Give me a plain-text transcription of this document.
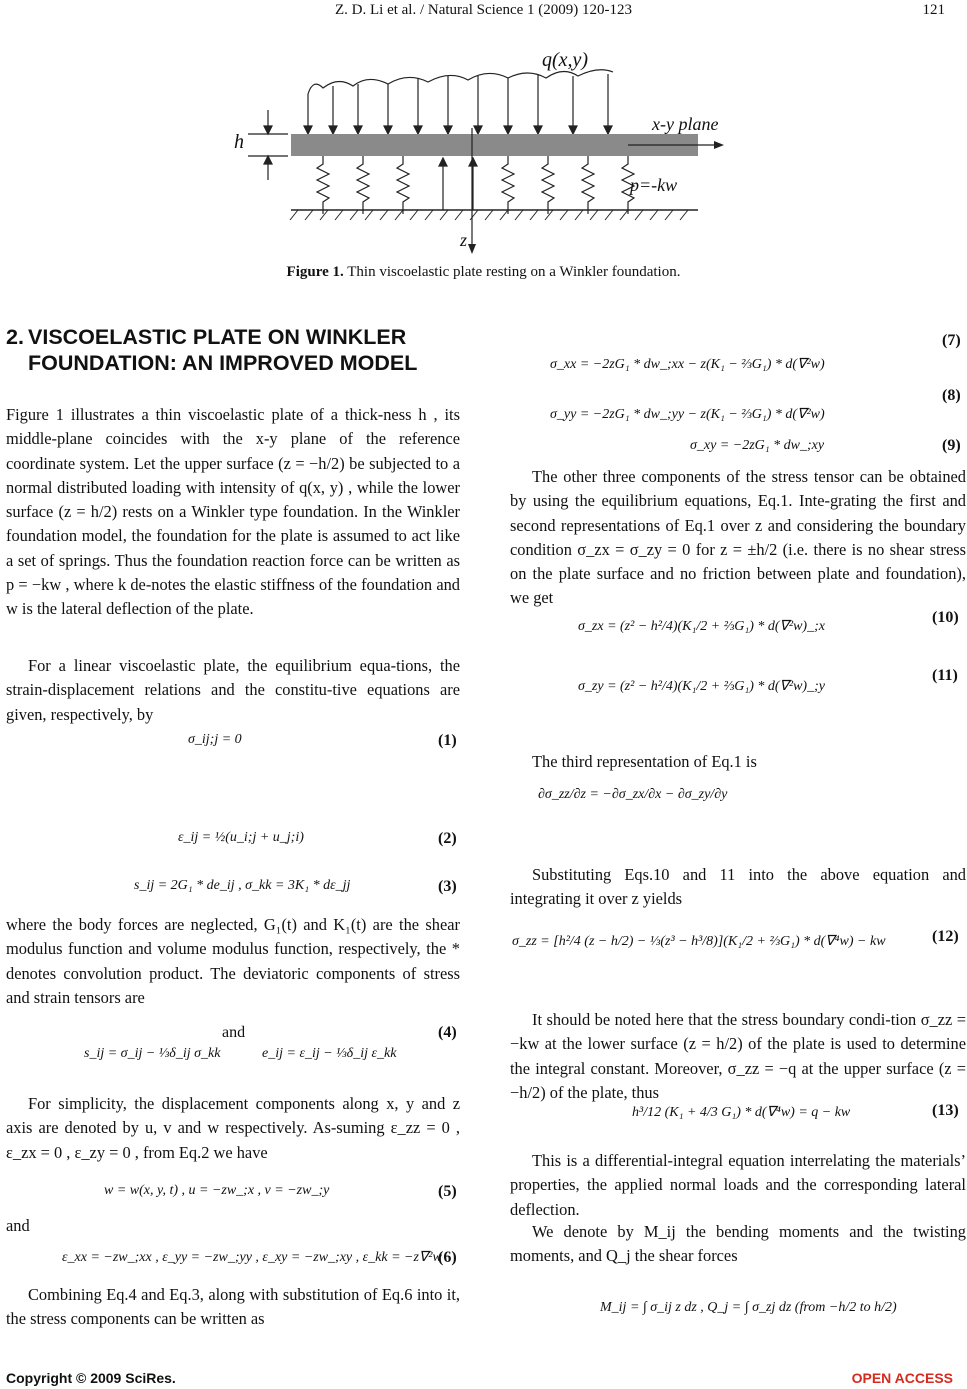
Z. D. Li et al. / Natural Science 1 (2009) 120-123	121
q(x,y)
x-y plane
h
p=-kw
z
Figure 1. Thin viscoelastic plate resting on a Winkler foundation.
2. VISCOELASTIC PLATE ON WINKLER FOUNDATION: AN IMPROVED MODEL

Figure 1 illustrates a thin viscoelastic plate of a thick-ness h , its middle-plane coincides with the x-y plane of the reference coordinate system. Let the upper surface (z = −h/2) be subjected to a normal distributed loading with intensity of q(x, y) , while the lower surface (z = h/2) rests on a Winkler type foundation. In the Winkler foundation model, the foundation for the plate is assumed to act like a set of springs. Thus the foundation reaction force can be written as p = −kw , where k de-notes the elastic stiffness of the foundation and w is the lateral deflection of the plate.

For a linear viscoelastic plate, the equilibrium equa-tions, the strain-displacement relations and the constitu-tive equations are given, respectively, by

σ_ij;j = 0	(1)
ε_ij = ½(u_i;j + u_j;i)	(2)
s_ij = 2G₁ * de_ij , σ_kk = 3K₁ * dε_jj	(3)

where the body forces are neglected, G₁(t) and K₁(t) are the shear modulus function and volume modulus function, respectively, the * denotes convolution product. The deviatoric components of stress and strain tensors are

s_ij = σ_ij − ⅓δ_ij σ_kk
and
e_ij = ε_ij − ⅓δ_ij ε_kk
(4)

For simplicity, the displacement components along x, y and z axis are denoted by u, v and w respectively. As-suming ε_zz = 0 , ε_zx = 0 , ε_zy = 0 , from Eq.2 we have

w = w(x, y, t) , u = −zw_;x , v = −zw_;y	(5)

and

ε_xx = −zw_;xx , ε_yy = −zw_;yy , ε_xy = −zw_;xy , ε_kk = −z∇²w
(6)

Combining Eq.4 and Eq.3, along with substitution of Eq.6 into it, the stress components can be written as

σ_xx = −2zG₁ * dw_;xx − z(K₁ − ⅔G₁) * d(∇²w)
(7)
σ_yy = −2zG₁ * dw_;yy − z(K₁ − ⅔G₁) * d(∇²w)
(8)
σ_xy = −2zG₁ * dw_;xy	(9)

The other three components of the stress tensor can be obtained by using the equilibrium equations, Eq.1. Inte-grating the first and second representations of Eq.1 over z and considering the boundary condition σ_zx = σ_zy = 0 for z = ±h/2 (i.e. there is no shear stress on the plate surface and no friction between plate and foundation), we get

σ_zx = (z² − h²/4)(K₁/2 + ⅔G₁) * d(∇²w)_;x
(10)
σ_zy = (z² − h²/4)(K₁/2 + ⅔G₁) * d(∇²w)_;y
(11)

The third representation of Eq.1 is

∂σ_zz/∂z = −∂σ_zx/∂x − ∂σ_zy/∂y

Substituting Eqs.10 and 11 into the above equation and integrating it over z yields

σ_zz = [h²/4 (z − h/2) − ⅓(z³ − h³/8)](K₁/2 + ⅔G₁) * d(∇⁴w) − kw	(12)

It should be noted here that the stress boundary condi-tion σ_zz = −kw at the lower surface (z = h/2) of the plate is used to determine the integral constant. Moreover, σ_zz = −q at the upper surface (z = −h/2) of the plate, thus

h³/12 (K₁ + 4/3 G₁) * d(∇⁴w) = q − kw	(13)

This is a differential-integral equation interrelating the materials’ properties, the applied normal loads and the corresponding lateral deflection.

We denote by M_ij the bending moments and the twisting moments, and Q_j the shear forces

M_ij = ∫ σ_ij z dz , Q_j = ∫ σ_zj dz (from −h/2 to h/2)
Copyright © 2009 SciRes.	OPEN ACCESS
